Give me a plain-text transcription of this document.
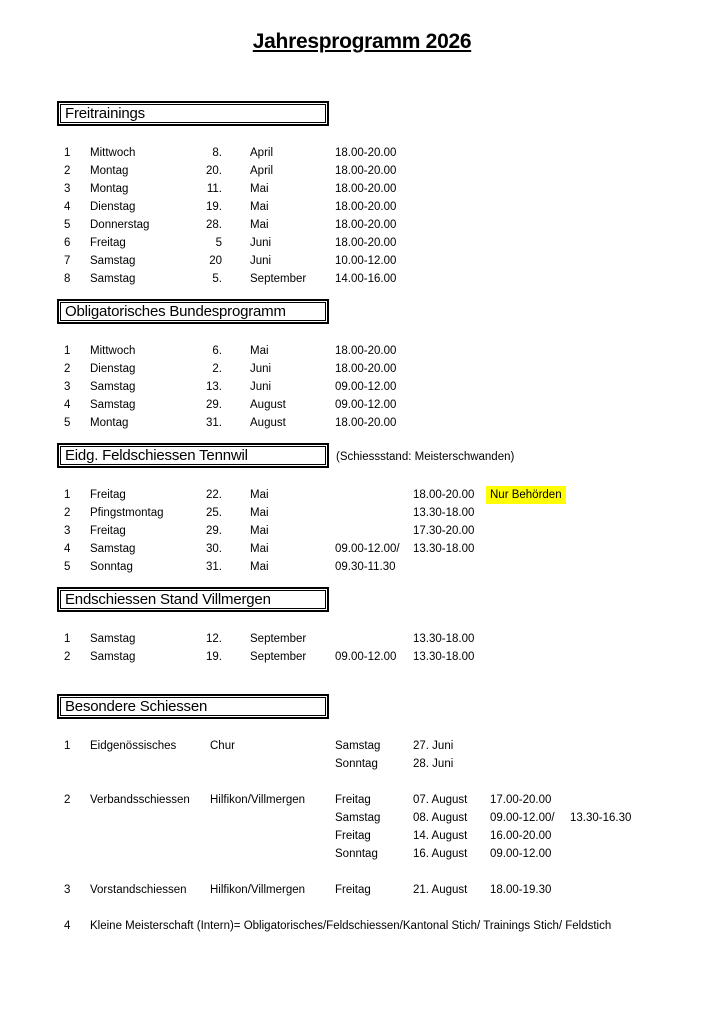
Jahresprogramm 2026
Freitrainings
1 Mittwoch	8. April	18.00-20.00
2 Montag	20. April	18.00-20.00
3 Montag	11. Mai	18.00-20.00
4 Dienstag	19. Mai	18.00-20.00
5 Donnerstag	28. Mai	18.00-20.00
6 Freitag	5 Juni	18.00-20.00
7 Samstag	20 Juni	10.00-12.00
8 Samstag	5. September 14.00-16.00
Obligatorisches Bundesprogramm
1 Mittwoch	6. Mai	18.00-20.00
2 Dienstag	2. Juni	18.00-20.00
3 Samstag	13. Juni	09.00-12.00
4 Samstag	29. August	09.00-12.00
5 Montag	31. August	18.00-20.00
Eidg. Feldschiessen Tennwil	(Schiessstand: Meisterschwanden)
1 Freitag	22. Mai	18.00-20.00	Nur Behörden
2 Pfingstmontag	25. Mai	13.30-18.00
3 Freitag	29. Mai	17.30-20.00
4 Samstag	30. Mai	09.00-12.00/ 13.30-18.00
5 Sonntag	31. Mai	09.30-11.30
Endschiessen Stand Villmergen
1 Samstag	12. September	13.30-18.00
2 Samstag	19. September 09.00-12.00 13.30-18.00
Besondere Schiessen
1 Eidgenössisches	Chur	Samstag	27. Juni
Sonntag	28. Juni
2 Verbandsschiessen Hilfikon/Villmergen	Freitag	07. August 17.00-20.00
Samstag	08. August 09.00-12.00/ 13.30-16.30
Freitag	14. August 16.00-20.00
Sonntag	16. August 09.00-12.00
3 Vorstandschiessen Hilfikon/Villmergen	Freitag	21. August 18.00-19.30
4 Kleine Meisterschaft (Intern)= Obligatorisches/Feldschiessen/Kantonal Stich/ Trainings Stich/ Feldstich
